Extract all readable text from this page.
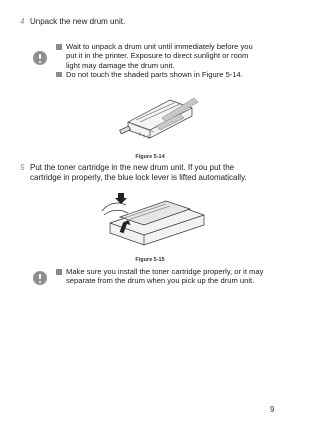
4 Unpack the new drum unit.
Wait to unpack a drum unit until immediately before you
put it in the printer. Exposure to direct sunlight or room
light may damage the drum unit.
Do not touch the shaded parts shown in Figure 5-14.
Figure 5-14
5 Put the toner cartridge in the new drum unit. If you put the
cartridge in properly, the blue lock lever is lifted automatically.
Figure 5-15
Make sure you install the toner cartridge properly, or it may
separate from the drum when you pick up the drum unit.
9
